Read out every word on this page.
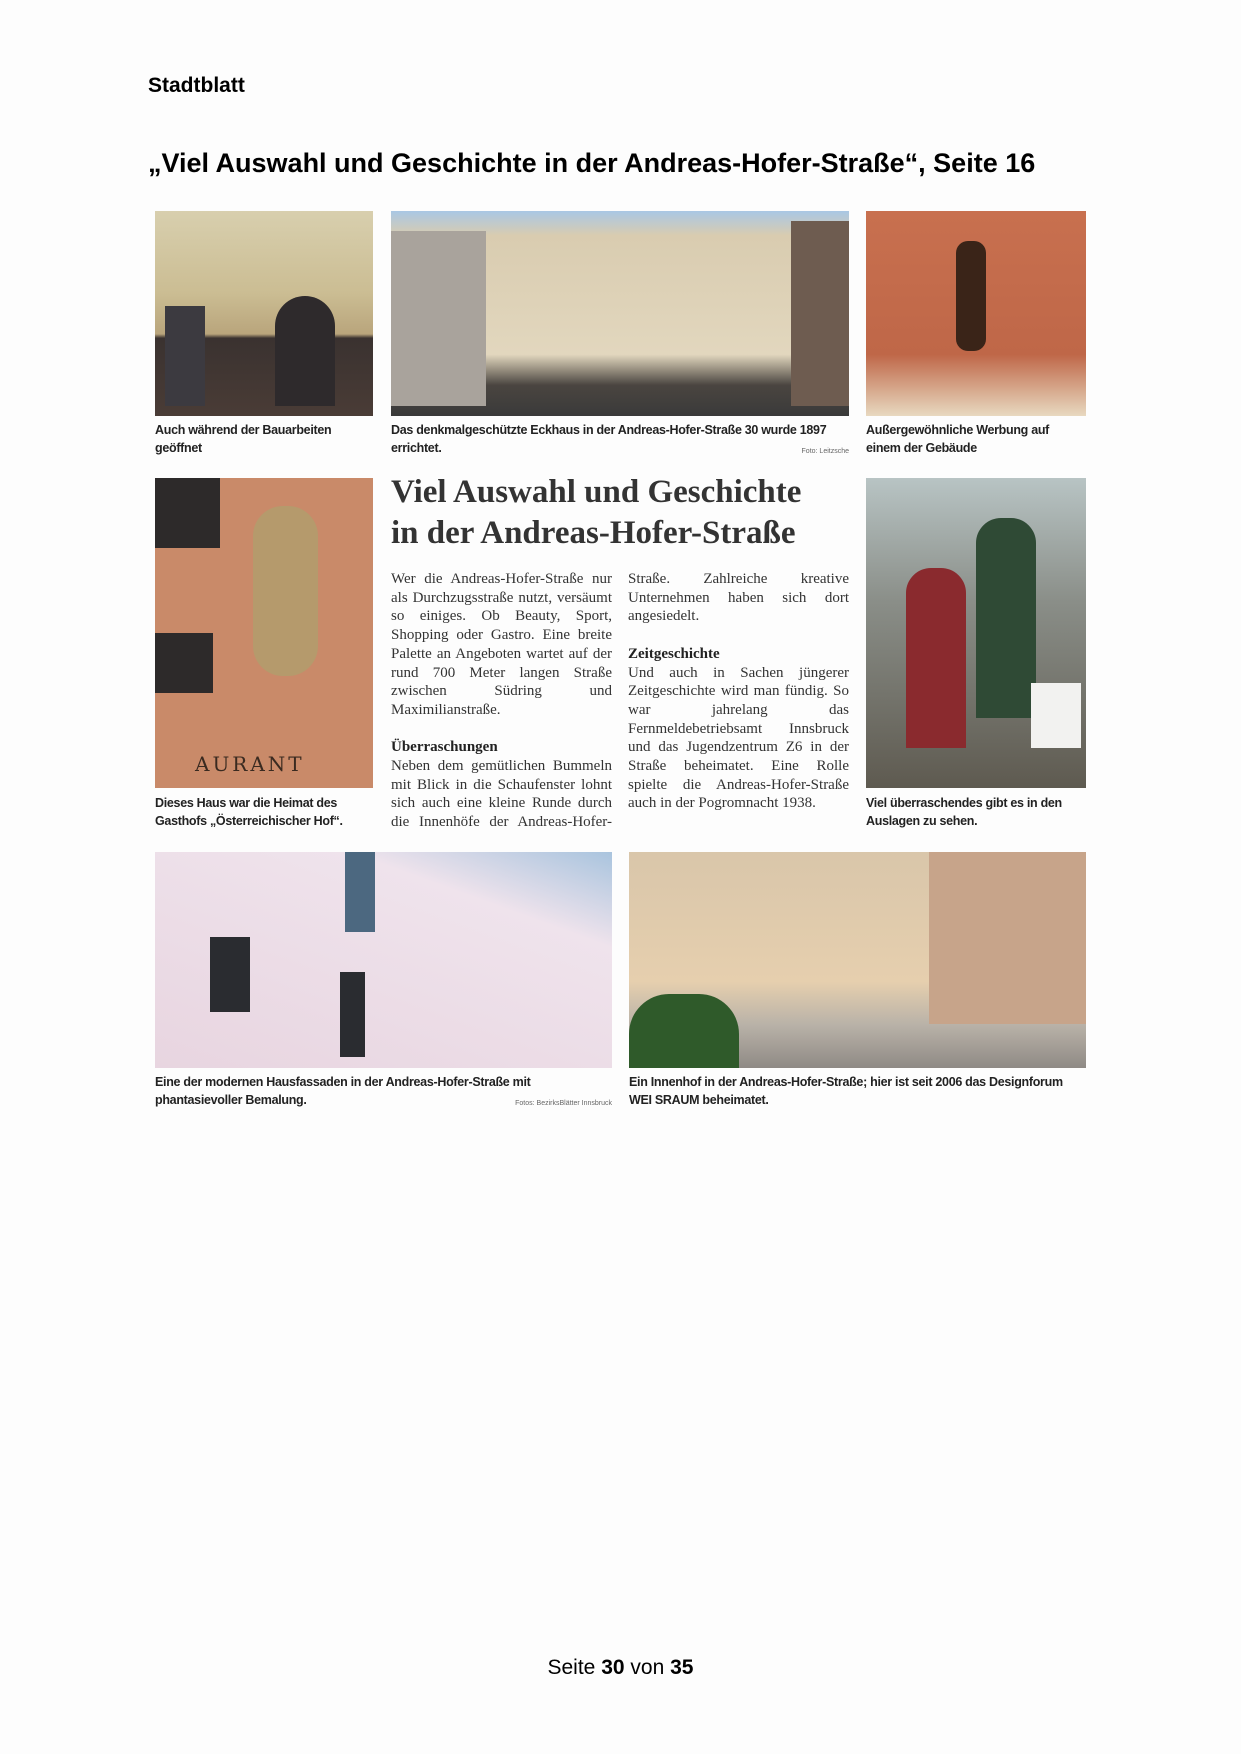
Stadtblatt
„Viel Auswahl und Geschichte in der Andreas-Hofer-Straße“, Seite 16
Auch während der Bauarbeiten geöffnet
Das denkmalgeschützte Eckhaus in der Andreas-Hofer-Straße 30 wurde 1897 errichtet.	Foto: Leitzsche
Außergewöhnliche Werbung auf einem der Gebäude
AURANT
Viel Auswahl und Geschichte
in der Andreas-Hofer-Straße

Wer die Andreas-Hofer-Straße nur als Durchzugsstraße nutzt, versäumt so einiges. Ob Beauty, Sport, Shopping oder Gastro. Eine breite Palette an Angeboten wartet auf der rund 700 Meter langen Straße zwischen Südring und Maximilianstraße.

Überraschungen

Neben dem gemütlichen Bummeln mit Blick in die Schaufenster lohnt sich auch eine kleine Runde durch die Innenhöfe der Andreas-Hofer-Straße. Zahlreiche kreative Unternehmen haben sich dort angesiedelt.

Zeitgeschichte

Und auch in Sachen jüngerer Zeitgeschichte wird man fündig. So war jahrelang das Fernmeldebetriebsamt Innsbruck und das Jugendzentrum Z6 in der Straße beheimatet. Eine Rolle spielte die Andreas-Hofer-Straße auch in der Pogromnacht 1938.

Dieses Haus war die Heimat des Gasthofs „Österreichischer Hof“.
Viel überraschendes gibt es in den Auslagen zu sehen.
Eine der modernen Hausfassaden in der Andreas-Hofer-Straße mit phantasievoller Bemalung.	Fotos: BezirksBlätter Innsbruck
Ein Innenhof in der Andreas-Hofer-Straße; hier ist seit 2006 das Designforum WEI SRAUM beheimatet.
Seite 30 von 35
